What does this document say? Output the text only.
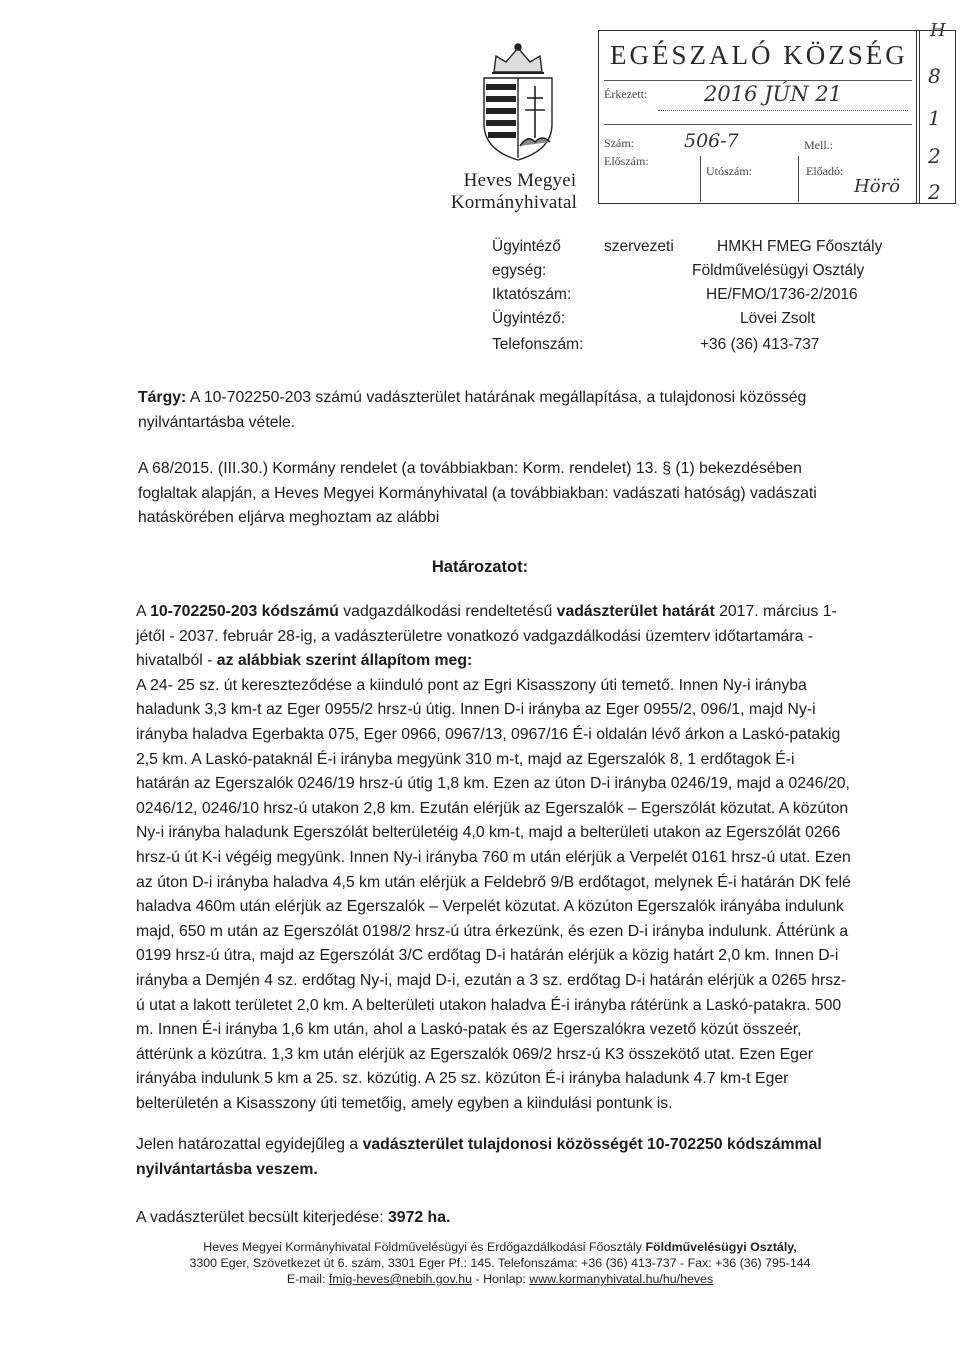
Heves Megyei
Kormányhivatal
EGÉSZALÓ KÖZSÉG
Érkezett:	2016 JÚN 21
Szám:	506-7	Mell.:
Előszám:
Utószám:	Előadó:
Hörö
H
8
1
2
2
Ügyintéző	szervezeti	HMKH FMEG Főosztály
egység:	Földművelésügyi Osztály
Iktatószám:	HE/FMO/1736-2/2016
Ügyintéző:	Lövei Zsolt
Telefonszám:	+36 (36) 413-737
Tárgy: A 10-702250-203 számú vadászterület határának megállapítása, a tulajdonosi közösség
nyilvántartásba vétele.
A 68/2015. (III.30.) Kormány rendelet (a továbbiakban: Korm. rendelet) 13. § (1) bekezdésében
foglaltak alapján, a Heves Megyei Kormányhivatal (a továbbiakban: vadászati hatóság) vadászati
hatáskörében eljárva meghoztam az alábbi
Határozatot:
A 10-702250-203 kódszámú vadgazdálkodási rendeltetésű vadászterület határát 2017. március 1-
jétől - 2037. február 28-ig, a vadászterületre vonatkozó vadgazdálkodási üzemterv időtartamára -
hivatalból - az alábbiak szerint állapítom meg:
A 24- 25 sz. út kereszteződése a kiinduló pont az Egri Kisasszony úti temető. Innen Ny-i irányba
haladunk 3,3 km-t az Eger 0955/2 hrsz-ú útig. Innen D-i irányba az Eger 0955/2, 096/1, majd Ny-i
irányba haladva Egerbakta 075, Eger 0966, 0967/13, 0967/16 É-i oldalán lévő árkon a Laskó-patakig
2,5 km. A Laskó-pataknál É-i irányba megyünk 310 m-t, majd az Egerszalók 8, 1 erdőtagok É-i
határán az Egerszalók 0246/19 hrsz-ú útig 1,8 km. Ezen az úton D-i irányba 0246/19, majd a 0246/20,
0246/12, 0246/10 hrsz-ú utakon 2,8 km. Ezután elérjük az Egerszalók – Egerszólát közutat. A közúton
Ny-i irányba haladunk Egerszólát belterületéig 4,0 km-t, majd a belterületi utakon az Egerszólát 0266
hrsz-ú út K-i végéig megyünk. Innen Ny-i irányba 760 m után elérjük a Verpelét 0161 hrsz-ú utat. Ezen
az úton D-i irányba haladva 4,5 km után elérjük a Feldebrő 9/B erdőtagot, melynek É-i határán DK felé
haladva 460m után elérjük az Egerszalók – Verpelét közutat. A közúton Egerszalók irányába indulunk
majd, 650 m után az Egerszólát 0198/2 hrsz-ú útra érkezünk, és ezen D-i irányba indulunk. Áttérünk a
0199 hrsz-ú útra, majd az Egerszólát 3/C erdőtag D-i határán elérjük a közig határt 2,0 km. Innen D-i
irányba a Demjén 4 sz. erdőtag Ny-i, majd D-i, ezután a 3 sz. erdőtag D-i határán elérjük a 0265 hrsz-
ú utat a lakott területet 2,0 km. A belterületi utakon haladva É-i irányba rátérünk a Laskó-patakra. 500
m. Innen É-i irányba 1,6 km után, ahol a Laskó-patak és az Egerszalókra vezető közút összeér,
áttérünk a közútra. 1,3 km után elérjük az Egerszalók 069/2 hrsz-ú K3 összekötő utat. Ezen Eger
irányába indulunk 5 km a 25. sz. közútig. A 25 sz. közúton É-i irányba haladunk 4.7 km-t Eger
belterületén a Kisasszony úti temetőig, amely egyben a kiindulási pontunk is.
Jelen határozattal egyidejűleg a vadászterület tulajdonosi közösségét 10-702250 kódszámmal
nyilvántartásba veszem.
A vadászterület becsült kiterjedése: 3972 ha.
Heves Megyei Kormányhivatal Földművelésügyi és Erdőgazdálkodási Főosztály Földművelésügyi Osztály,
3300 Eger, Szövetkezet út 6. szám, 3301 Eger Pf.: 145. Telefonszáma: +36 (36) 413-737 - Fax: +36 (36) 795-144
E-mail: fmig-heves@nebih.gov.hu - Honlap: www.kormanyhivatal.hu/hu/heves
